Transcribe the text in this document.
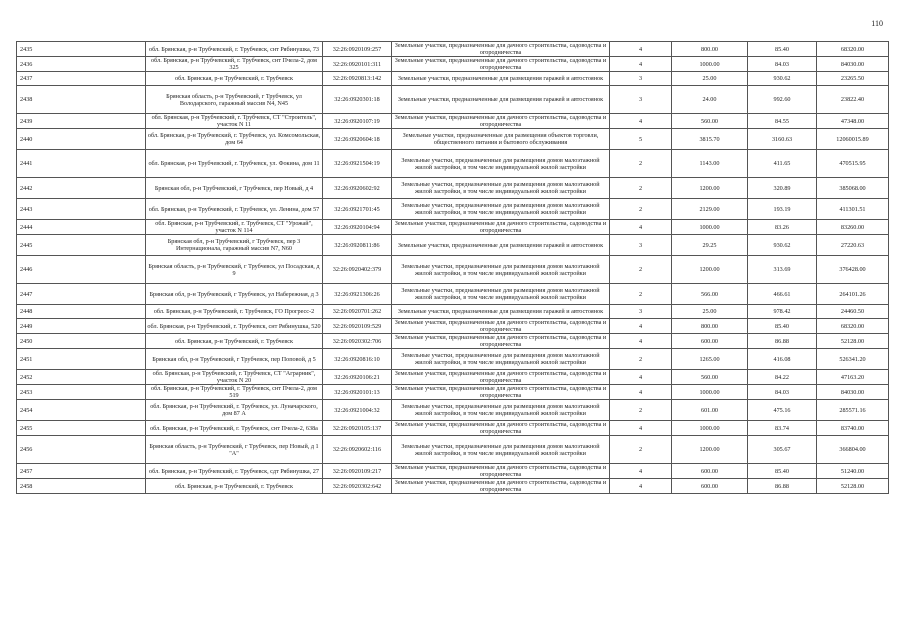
110
2435	обл. Брянская, р-н Трубчевский, г. Трубчевск, снт Рябинушка, 73	32:26:0920109:257	Земельные участки, предназначенные для дачного строительства, садоводства и огородничества	4	800.00	85.40	68320.00
2436	обл. Брянская, р-н Трубчевский, г. Трубчевск, снт Пчела-2, дом 325	32:26:0920101:311	Земельные участки, предназначенные для дачного строительства, садоводства и огородничества	4	1000.00	84.03	84030.00
2437	обл. Брянская, р-н Трубчевский, г. Трубчевск	32:26:0920813:142	Земельные участки, предназначенные для размещения гаражей и автостоянок	3	25.00	930.62	23265.50
2438	Брянская область, р-н Трубчевский, г Трубчевск, ул Володарского, гаражный массив N4, N45	32:26:0920301:18	Земельные участки, предназначенные для размещения гаражей и автостоянок	3	24.00	992.60	23822.40
2439	обл. Брянская, р-н Трубчевский, г. Трубчевск, СТ "Строитель", участок N 11	32:26:0920107:19	Земельные участки, предназначенные для дачного строительства, садоводства и огородничества	4	560.00	84.55	47348.00
2440	обл. Брянская, р-н Трубчевский, г. Трубчевск, ул. Комсомольская, дом 64	32:26:0920604:18	Земельные участки, предназначенные для размещения объектов торговли, общественного питания и бытового обслуживания	5	3815.70	3160.63	12060015.89
2441	обл. Брянская, р-н Трубчевский, г. Трубчевск, ул. Фокина, дом 11	32:26:0921504:19	Земельные участки, предназначенные для размещения домов малоэтажной жилой застройки, в том числе индивидуальной жилой застройки	2	1143.00	411.65	470515.95
2442	Брянская обл, р-н Трубчевский, г Трубчевск, пер Новый, д 4	32:26:0920602:92	Земельные участки, предназначенные для размещения домов малоэтажной жилой застройки, в том числе индивидуальной жилой застройки	2	1200.00	320.89	385068.00
2443	обл. Брянская, р-н Трубчевский, г. Трубчевск, ул. Ленина, дом 57	32:26:0921701:45	Земельные участки, предназначенные для размещения домов малоэтажной жилой застройки, в том числе индивидуальной жилой застройки	2	2129.00	193.19	411301.51
2444	обл. Брянская, р-н Трубчевский, г. Трубчевск, СТ "Урожай", участок N 114	32:26:0920104:94	Земельные участки, предназначенные для дачного строительства, садоводства и огородничества	4	1000.00	83.26	83260.00
2445	Брянская обл, р-н Трубчевский, г Трубчевск, пер 3 Интернационала, гаражный массив N7, N60	32:26:0920811:86	Земельные участки, предназначенные для размещения гаражей и автостоянок	3	29.25	930.62	27220.63
2446	Брянская область, р-н Трубчевский, г Трубчевск, ул Посадская, д 9	32:26:0920402:379	Земельные участки, предназначенные для размещения домов малоэтажной жилой застройки, в том числе индивидуальной жилой застройки	2	1200.00	313.69	376428.00
2447	Брянская обл, р-н Трубчевский, г Трубчевск, ул Набережная, д 3	32:26:0921306:26	Земельные участки, предназначенные для размещения домов малоэтажной жилой застройки, в том числе индивидуальной жилой застройки	2	566.00	466.61	264101.26
2448	обл. Брянская, р-н Трубчевский, г. Трубчевск, ГО Прогресс-2	32:26:0920701:262	Земельные участки, предназначенные для размещения гаражей и автостоянок	3	25.00	978.42	24460.50
2449	обл. Брянская, р-н Трубчевский, г. Трубчевск, снт Рябинушка, 520	32:26:0920109:529	Земельные участки, предназначенные для дачного строительства, садоводства и огородничества	4	800.00	85.40	68320.00
2450	обл. Брянская, р-н Трубчевский, г. Трубчевск	32:26:0920302:706	Земельные участки, предназначенные для дачного строительства, садоводства и огородничества	4	600.00	86.88	52128.00
2451	Брянская обл, р-н Трубчевский, г Трубчевск, пер Поповой, д 5	32:26:0920816:10	Земельные участки, предназначенные для размещения домов малоэтажной жилой застройки, в том числе индивидуальной жилой застройки	2	1265.00	416.08	526341.20
2452	обл. Брянская, р-н Трубчевский, г. Трубчевск, СТ "Аграрник", участок N 20	32:26:0920106:21	Земельные участки, предназначенные для дачного строительства, садоводства и огородничества	4	560.00	84.22	47163.20
2453	обл. Брянская, р-н Трубчевский, г. Трубчевск, снт Пчела-2, дом 519	32:26:0920101:13	Земельные участки, предназначенные для дачного строительства, садоводства и огородничества	4	1000.00	84.03	84030.00
2454	обл. Брянская, р-н Трубчевский, г. Трубчевск, ул. Луначарского, дом 87 А	32:26:0921004:32	Земельные участки, предназначенные для размещения домов малоэтажной жилой застройки, в том числе индивидуальной жилой застройки	2	601.00	475.16	285571.16
2455	обл. Брянская, р-н Трубчевский, г. Трубчевск, снт Пчела-2, 638а	32:26:0920105:137	Земельные участки, предназначенные для дачного строительства, садоводства и огородничества	4	1000.00	83.74	83740.00
2456	Брянская область, р-н Трубчевский, г Трубчевск, пер Новый, д 1 "А"	32:26:0920602:116	Земельные участки, предназначенные для размещения домов малоэтажной жилой застройки, в том числе индивидуальной жилой застройки	2	1200.00	305.67	366804.00
2457	обл. Брянская, р-н Трубчевский, г. Трубчевск, сдт Рябинушка, 27	32:26:0920109:217	Земельные участки, предназначенные для дачного строительства, садоводства и огородничества	4	600.00	85.40	51240.00
2458	обл. Брянская, р-н Трубчевский, г. Трубчевск	32:26:0920302:642	Земельные участки, предназначенные для дачного строительства, садоводства и огородничества	4	600.00	86.88	52128.00
